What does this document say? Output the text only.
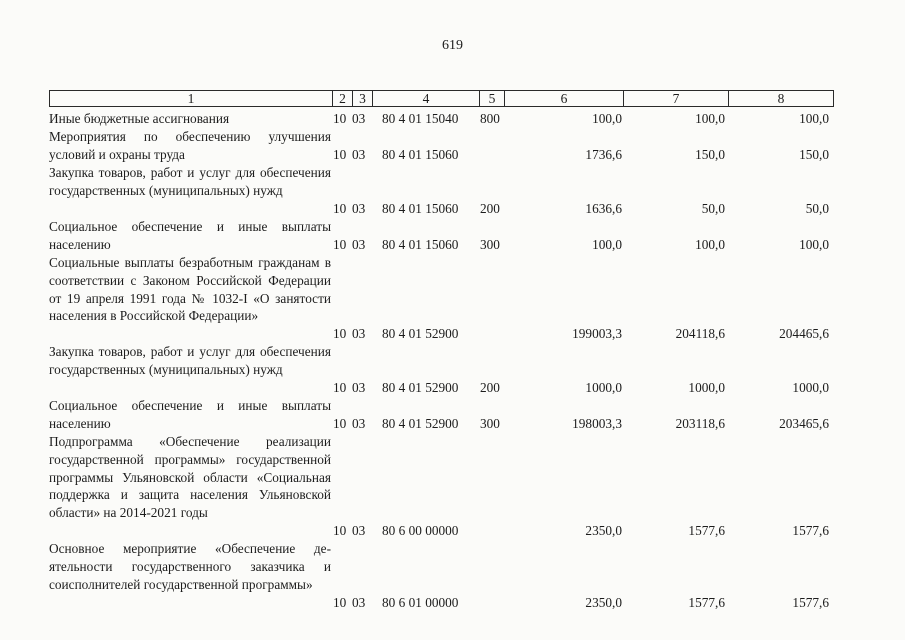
619
1	2 3	4	5	6	7	8
Иные бюджетные ассигнования	10 03 80 4 01 15040 800	100,0	100,0	100,0
Мероприятия по обеспечению улучшения условий и охраны труда	10 03 80 4 01 15060	1736,6	150,0	150,0
Закупка товаров, работ и услуг для обеспечения государственных (муниципальных) нужд
10 03 80 4 01 15060 200	1636,6	50,0	50,0
Социальное обеспечение и иные выплаты населению	10 03 80 4 01 15060 300	100,0	100,0	100,0
Социальные выплаты безработным гражданам в соответствии с Законом Российской Федерации от 19 апреля 1991 года № 1032-I «О занятости населения в Российской Федерации»
10 03 80 4 01 52900	199003,3	204118,6	204465,6
Закупка товаров, работ и услуг для обеспечения государственных (муниципальных) нужд
10 03 80 4 01 52900 200	1000,0	1000,0	1000,0
Социальное обеспечение и иные выплаты населению	10 03 80 4 01 52900 300	198003,3	203118,6	203465,6
Подпрограмма «Обеспечение реализации государственной программы» государственной программы Ульяновской области «Социальная поддержка и защита населения Ульяновской области» на 2014-2021 годы
10 03 80 6 00 00000	2350,0	1577,6	1577,6
Основное мероприятие «Обеспечение деятельности государственного заказчика и соисполнителей государственной программы»
10 03 80 6 01 00000	2350,0	1577,6	1577,6
